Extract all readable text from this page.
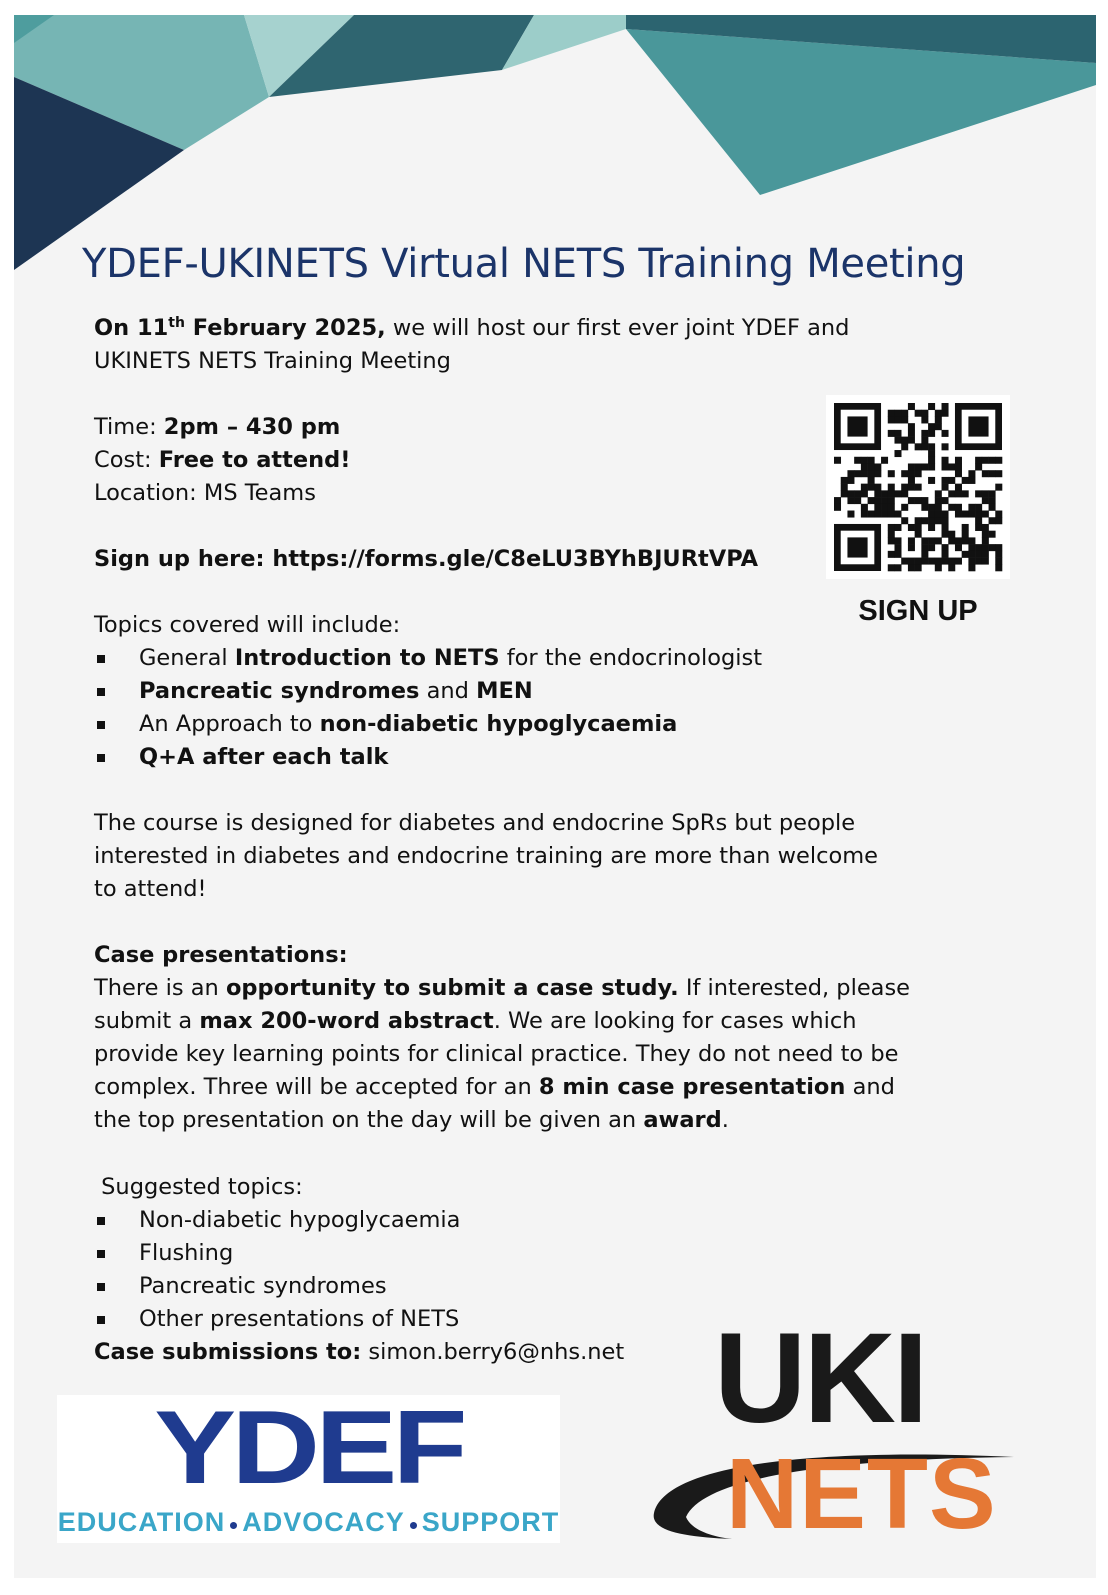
YDEF-UKINETS Virtual NETS Training Meeting

On 11th February 2025, we will host our first ever joint YDEF and

UKINETS NETS Training Meeting

Time: 2pm – 430 pm

Cost: Free to attend!

Location: MS Teams

Sign up here: https://forms.gle/C8eLU3BYhBJURtVPA

SIGN UP

Topics covered will include:

General Introduction to NETS for the endocrinologist
Pancreatic syndromes and MEN
An Approach to non-diabetic hypoglycaemia
Q+A after each talk

The course is designed for diabetes and endocrine SpRs but people

interested in diabetes and endocrine training are more than welcome

to attend!

Case presentations:

There is an opportunity to submit a case study. If interested, please

submit a max 200-word abstract. We are looking for cases which

provide key learning points for clinical practice. They do not need to be

complex. Three will be accepted for an 8 min case presentation and

the top presentation on the day will be given an award.

Suggested topics:

Non-diabetic hypoglycaemia
Flushing
Pancreatic syndromes
Other presentations of NETS

Case submissions to: simon.berry6@nhs.net

YDEF
EDUCATION ADVOCACY SUPPORT
UKI
NETS
